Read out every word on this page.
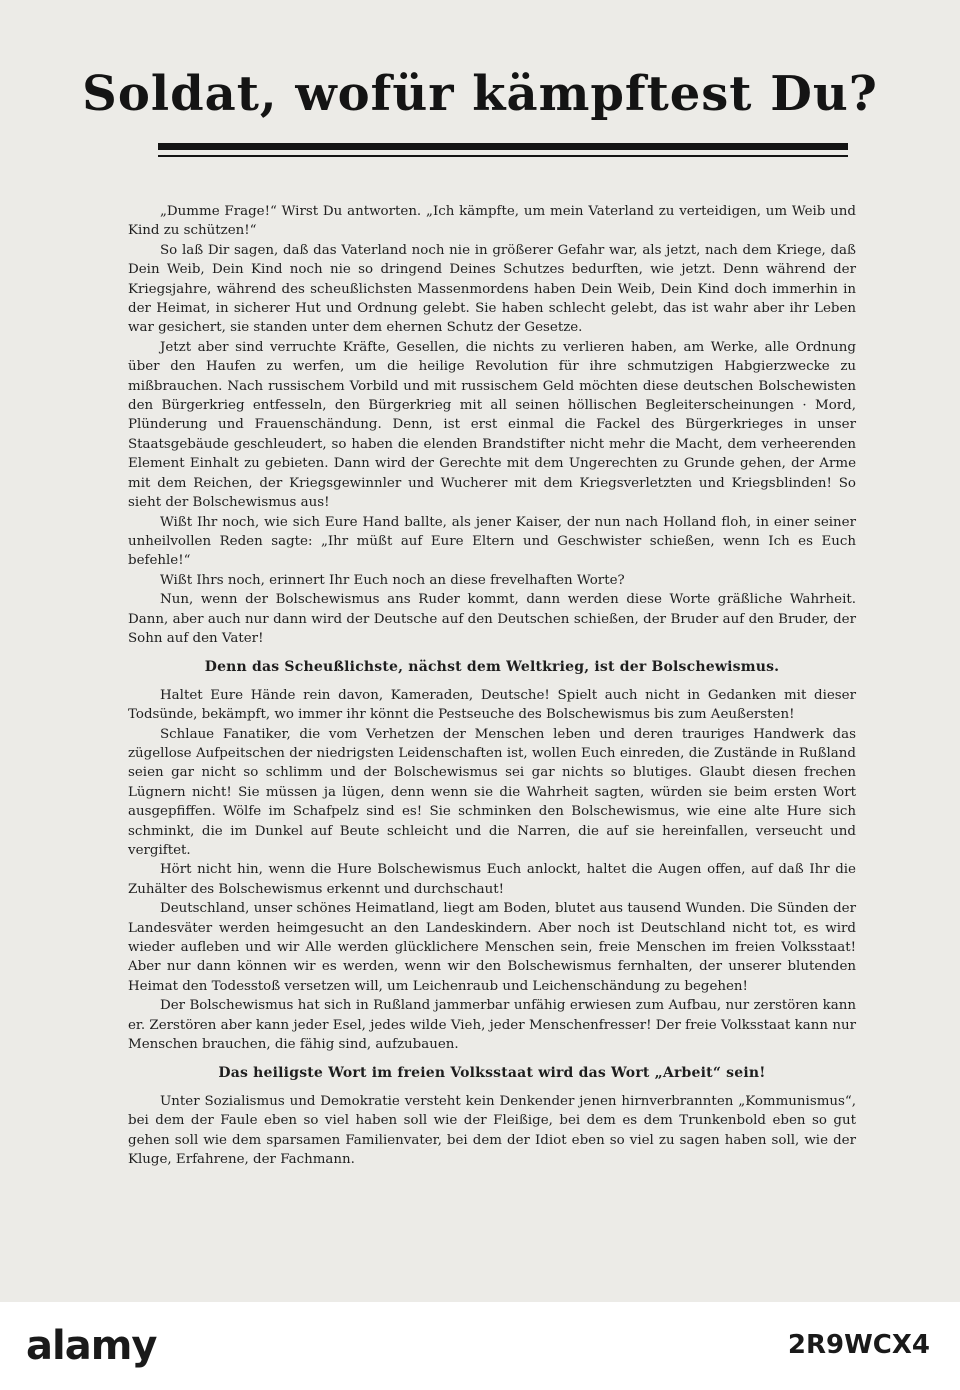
Soldat, wofür kämpftest Du?

„Dumme Frage!“ Wirst Du antworten. „Ich kämpfte, um mein Vaterland zu verteidigen, um Weib und Kind zu schützen!“

So laß Dir sagen, daß das Vaterland noch nie in größerer Gefahr war, als jetzt, nach dem Kriege, daß Dein Weib, Dein Kind noch nie so dringend Deines Schutzes bedurften, wie jetzt. Denn während der Kriegsjahre, während des scheußlichsten Massenmordens haben Dein Weib, Dein Kind doch immerhin in der Heimat, in sicherer Hut und Ordnung gelebt. Sie haben schlecht gelebt, das ist wahr aber ihr Leben war gesichert, sie standen unter dem ehernen Schutz der Gesetze.

Jetzt aber sind verruchte Kräfte, Gesellen, die nichts zu verlieren haben, am Werke, alle Ordnung über den Haufen zu werfen, um die heilige Revolution für ihre schmutzigen Habgierzwecke zu mißbrauchen. Nach russischem Vorbild und mit russischem Geld möchten diese deutschen Bolschewisten den Bürgerkrieg entfesseln, den Bürgerkrieg mit all seinen höllischen Begleiterscheinungen · Mord, Plünderung und Frauenschändung. Denn, ist erst einmal die Fackel des Bürgerkrieges in unser Staatsgebäude geschleudert, so haben die elenden Brandstifter nicht mehr die Macht, dem verheerenden Element Einhalt zu gebieten. Dann wird der Gerechte mit dem Ungerechten zu Grunde gehen, der Arme mit dem Reichen, der Kriegsgewinnler und Wucherer mit dem Kriegsverletzten und Kriegsblinden! So sieht der Bolschewismus aus!

Wißt Ihr noch, wie sich Eure Hand ballte, als jener Kaiser, der nun nach Holland floh, in einer seiner unheilvollen Reden sagte: „Ihr müßt auf Eure Eltern und Geschwister schießen, wenn Ich es Euch befehle!“

Wißt Ihrs noch, erinnert Ihr Euch noch an diese frevelhaften Worte?

Nun, wenn der Bolschewismus ans Ruder kommt, dann werden diese Worte gräßliche Wahrheit. Dann, aber auch nur dann wird der Deutsche auf den Deutschen schießen, der Bruder auf den Bruder, der Sohn auf den Vater!

Denn das Scheußlichste, nächst dem Weltkrieg, ist der Bolschewismus.

Haltet Eure Hände rein davon, Kameraden, Deutsche! Spielt auch nicht in Gedanken mit dieser Todsünde, bekämpft, wo immer ihr könnt die Pestseuche des Bolschewismus bis zum Aeußersten!

Schlaue Fanatiker, die vom Verhetzen der Menschen leben und deren trauriges Handwerk das zügellose Aufpeitschen der niedrigsten Leidenschaften ist, wollen Euch einreden, die Zustände in Rußland seien gar nicht so schlimm und der Bolschewismus sei gar nichts so blutiges. Glaubt diesen frechen Lügnern nicht! Sie müssen ja lügen, denn wenn sie die Wahrheit sagten, würden sie beim ersten Wort ausgepfiffen. Wölfe im Schafpelz sind es! Sie schminken den Bolschewismus, wie eine alte Hure sich schminkt, die im Dunkel auf Beute schleicht und die Narren, die auf sie hereinfallen, verseucht und vergiftet.

Hört nicht hin, wenn die Hure Bolschewismus Euch anlockt, haltet die Augen offen, auf daß Ihr die Zuhälter des Bolschewismus erkennt und durchschaut!

Deutschland, unser schönes Heimatland, liegt am Boden, blutet aus tausend Wunden. Die Sünden der Landesväter werden heimgesucht an den Landeskindern. Aber noch ist Deutschland nicht tot, es wird wieder aufleben und wir Alle werden glücklichere Menschen sein, freie Menschen im freien Volksstaat! Aber nur dann können wir es werden, wenn wir den Bolschewismus fernhalten, der unserer blutenden Heimat den Todesstoß versetzen will, um Leichenraub und Leichenschändung zu begehen!

Der Bolschewismus hat sich in Rußland jammerbar unfähig erwiesen zum Aufbau, nur zerstören kann er. Zerstören aber kann jeder Esel, jedes wilde Vieh, jeder Menschenfresser! Der freie Volksstaat kann nur Menschen brauchen, die fähig sind, aufzubauen.

Das heiligste Wort im freien Volksstaat wird das Wort „Arbeit“ sein!

Unter Sozialismus und Demokratie versteht kein Denkender jenen hirnverbrannten „Kommunismus“, bei dem der Faule eben so viel haben soll wie der Fleißige, bei dem es dem Trunkenbold eben so gut gehen soll wie dem sparsamen Familienvater, bei dem der Idiot eben so viel zu sagen haben soll, wie der Kluge, Erfahrene, der Fachmann.

alamy	2R9WCX4
